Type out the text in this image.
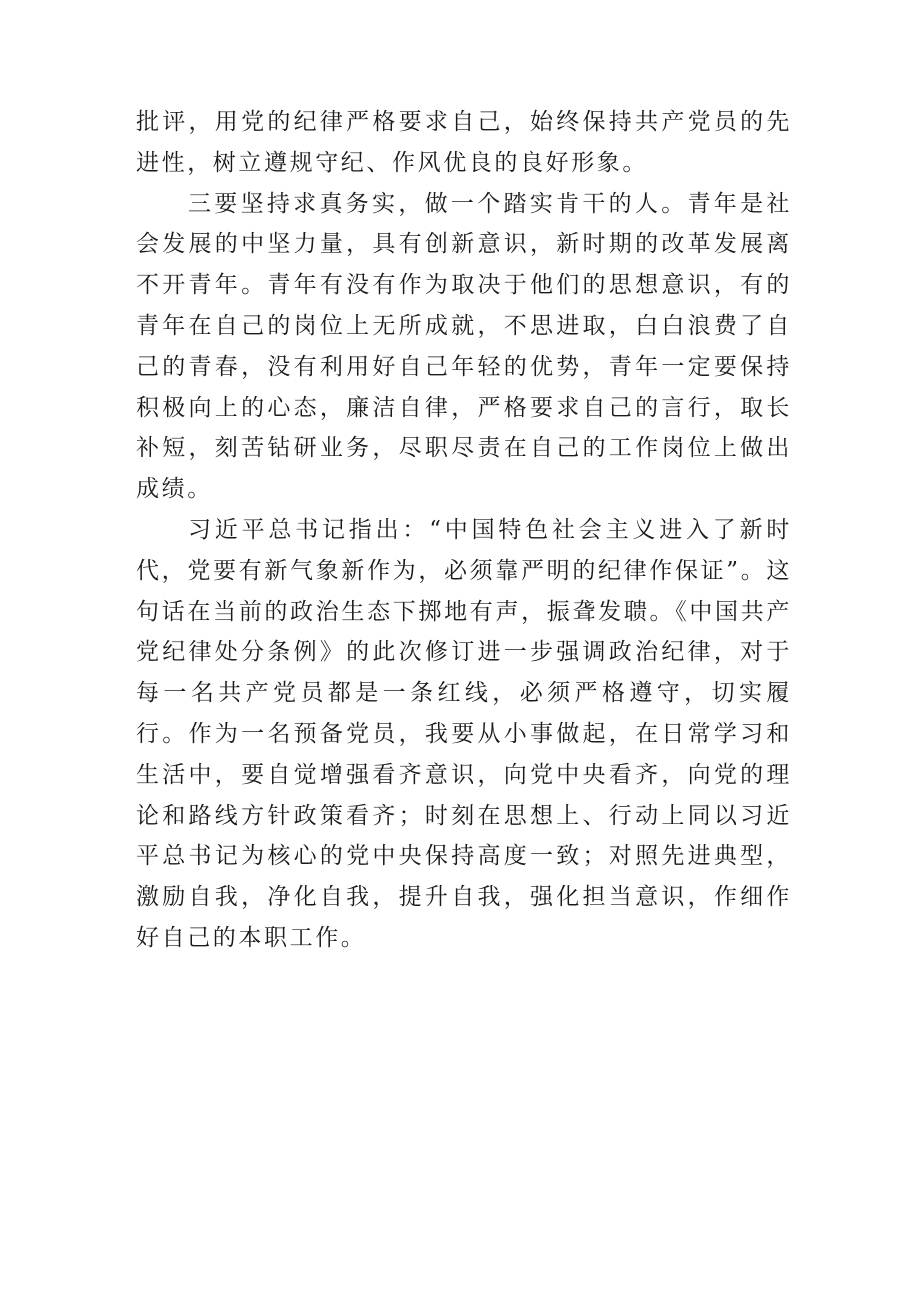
批评，用党的纪律严格要求自己，始终保持共产党员的先进性，树立遵规守纪、作风优良的良好形象。

三要坚持求真务实，做一个踏实肯干的人。青年是社会发展的中坚力量，具有创新意识，新时期的改革发展离不开青年。青年有没有作为取决于他们的思想意识，有的青年在自己的岗位上无所成就，不思进取，白白浪费了自己的青春，没有利用好自己年轻的优势，青年一定要保持积极向上的心态，廉洁自律，严格要求自己的言行，取长补短，刻苦钻研业务，尽职尽责在自己的工作岗位上做出成绩。

习近平总书记指出：“中国特色社会主义进入了新时代，党要有新气象新作为，必须靠严明的纪律作保证”。这句话在当前的政治生态下掷地有声，振聋发聩。《中国共产党纪律处分条例》的此次修订进一步强调政治纪律，对于每一名共产党员都是一条红线，必须严格遵守，切实履行。作为一名预备党员，我要从小事做起，在日常学习和生活中，要自觉增强看齐意识，向党中央看齐，向党的理论和路线方针政策看齐；时刻在思想上、行动上同以习近平总书记为核心的党中央保持高度一致；对照先进典型，激励自我，净化自我，提升自我，强化担当意识，作细作好自己的本职工作。
